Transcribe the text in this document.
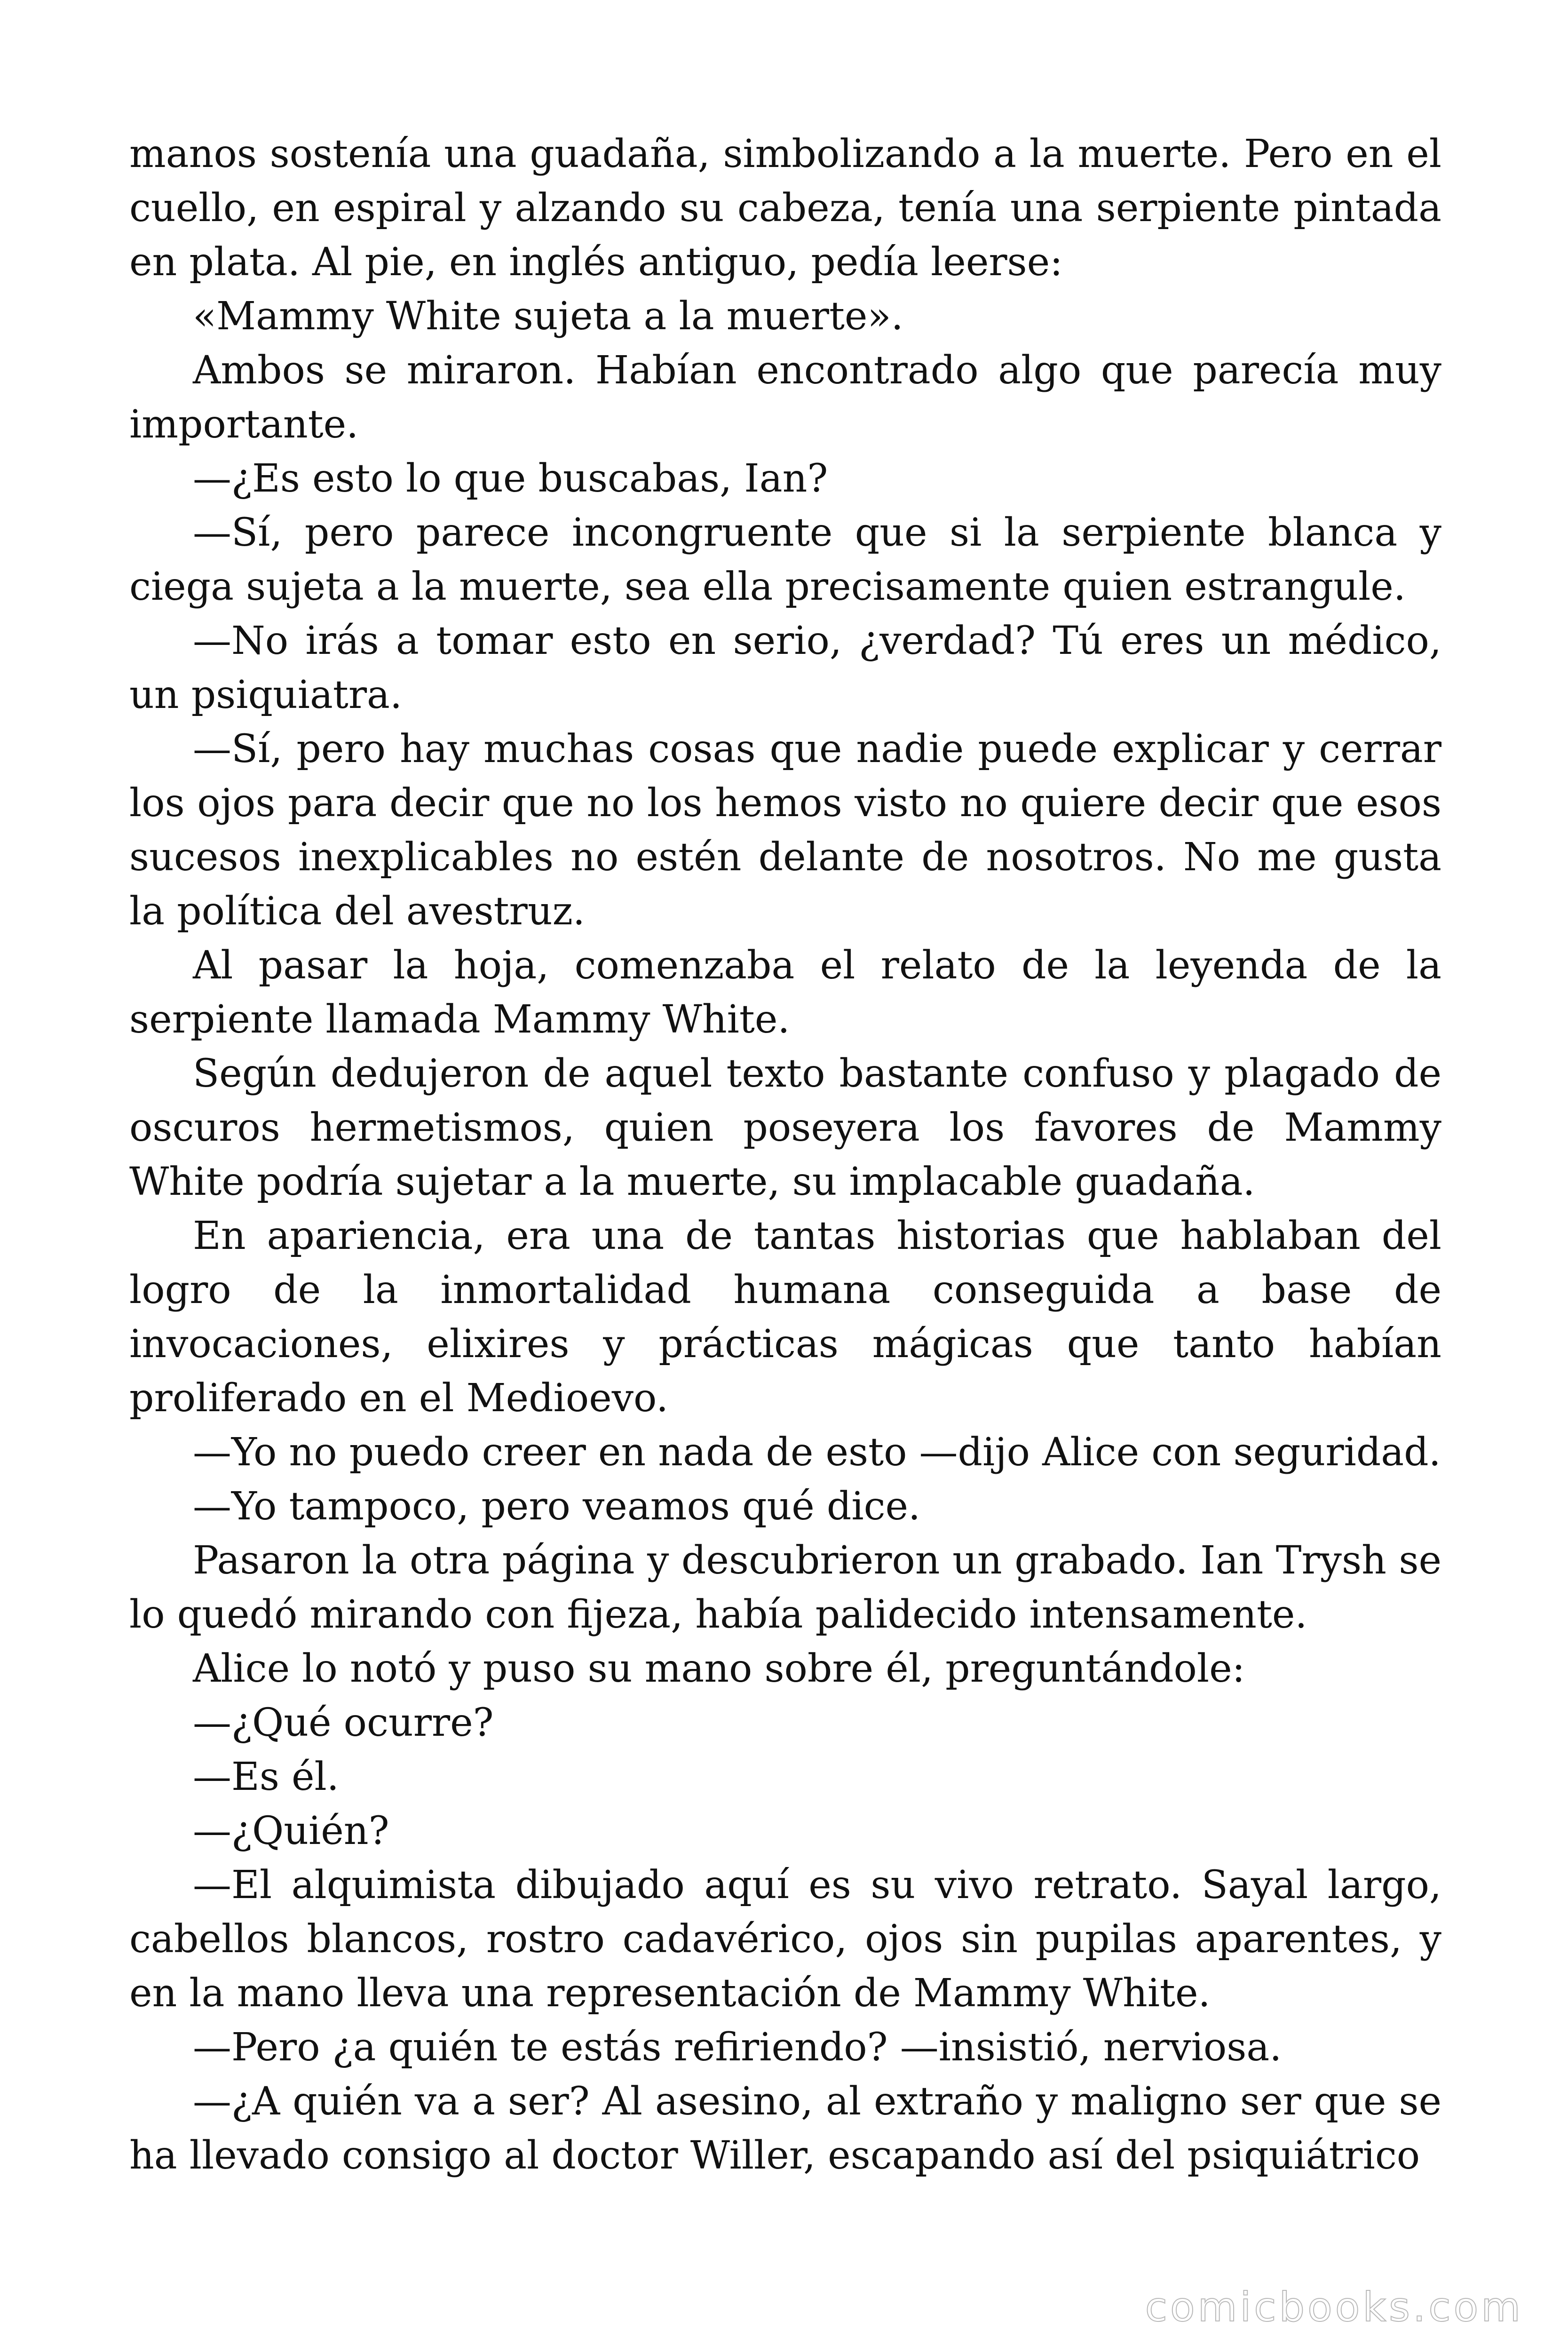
manos sostenía una guadaña, simbolizando a la muerte. Pero en el cuello, en espiral y alzando su cabeza, tenía una serpiente pintada en plata. Al pie, en inglés antiguo, pedía leerse:

«Mammy White sujeta a la muerte».

Ambos se miraron. Habían encontrado algo que parecía muy importante.

—¿Es esto lo que buscabas, Ian?

—Sí, pero parece incongruente que si la serpiente blanca y ciega sujeta a la muerte, sea ella precisamente quien estrangule.

—No irás a tomar esto en serio, ¿verdad? Tú eres un médico, un psiquiatra.

—Sí, pero hay muchas cosas que nadie puede explicar y cerrar los ojos para decir que no los hemos visto no quiere decir que esos sucesos inexplicables no estén delante de nosotros. No me gusta la política del avestruz.

Al pasar la hoja, comenzaba el relato de la leyenda de la serpiente llamada Mammy White.

Según dedujeron de aquel texto bastante confuso y plagado de oscuros hermetismos, quien poseyera los favores de Mammy White podría sujetar a la muerte, su implacable guadaña.

En apariencia, era una de tantas historias que hablaban del logro de la inmortalidad humana conseguida a base de invocaciones, elixires y prácticas mágicas que tanto habían proliferado en el Medioevo.

—Yo no puedo creer en nada de esto —dijo Alice con seguridad.

—Yo tampoco, pero veamos qué dice.

Pasaron la otra página y descubrieron un grabado. Ian Trysh se lo quedó mirando con fijeza, había palidecido intensamente.

Alice lo notó y puso su mano sobre él, preguntándole:

—¿Qué ocurre?

—Es él.

—¿Quién?

—El alquimista dibujado aquí es su vivo retrato. Sayal largo, cabellos blancos, rostro cadavérico, ojos sin pupilas aparentes, y en la mano lleva una representación de Mammy White.

—Pero ¿a quién te estás refiriendo? —insistió, nerviosa.

—¿A quién va a ser? Al asesino, al extraño y maligno ser que se ha llevado consigo al doctor Willer, escapando así del psiquiátrico

comicbooks.com
